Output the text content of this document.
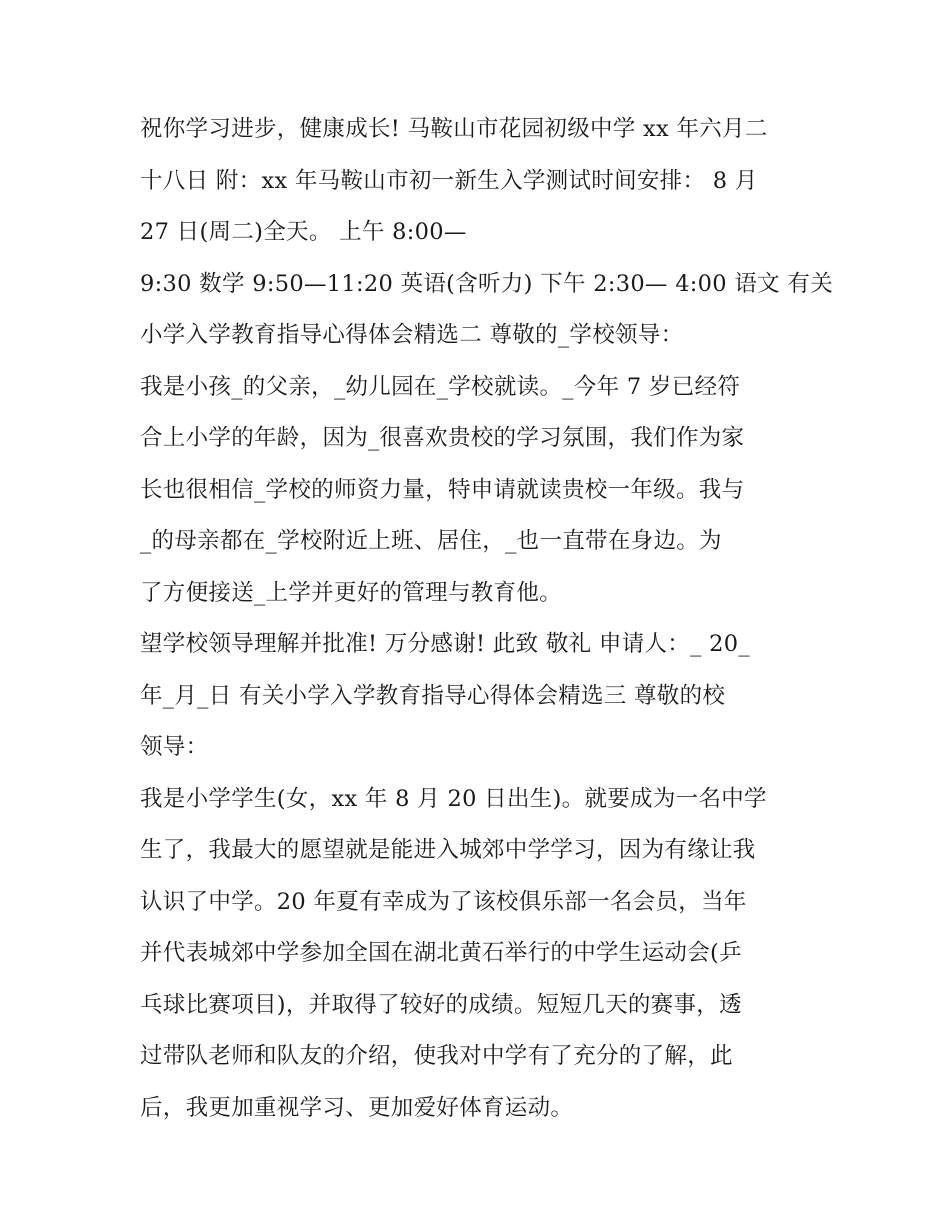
祝你学习进步，健康成长! 马鞍山市花园初级中学 xx 年六月二
十八日 附：xx 年马鞍山市初一新生入学测试时间安排： 8 月
27 日(周二)全天。 上午 8:00—
9:30 数学 9:50—11:20 英语(含听力) 下午 2:30— 4:00 语文 有关
小学入学教育指导心得体会精选二 尊敬的_学校领导：
我是小孩_的父亲，_幼儿园在_学校就读。_今年 7 岁已经符
合上小学的年龄，因为_很喜欢贵校的学习氛围，我们作为家
长也很相信_学校的师资力量，特申请就读贵校一年级。我与
_的母亲都在_学校附近上班、居住，_也一直带在身边。为
了方便接送_上学并更好的管理与教育他。
望学校领导理解并批准! 万分感谢! 此致 敬礼 申请人：_ 20_
年_月_日 有关小学入学教育指导心得体会精选三 尊敬的校
领导：
我是小学学生(女，xx 年 8 月 20 日出生)。就要成为一名中学
生了，我最大的愿望就是能进入城郊中学学习，因为有缘让我
认识了中学。20 年夏有幸成为了该校俱乐部一名会员，当年
并代表城郊中学参加全国在湖北黄石举行的中学生运动会(乒
乓球比赛项目)，并取得了较好的成绩。短短几天的赛事，透
过带队老师和队友的介绍，使我对中学有了充分的了解，此
后，我更加重视学习、更加爱好体育运动。
